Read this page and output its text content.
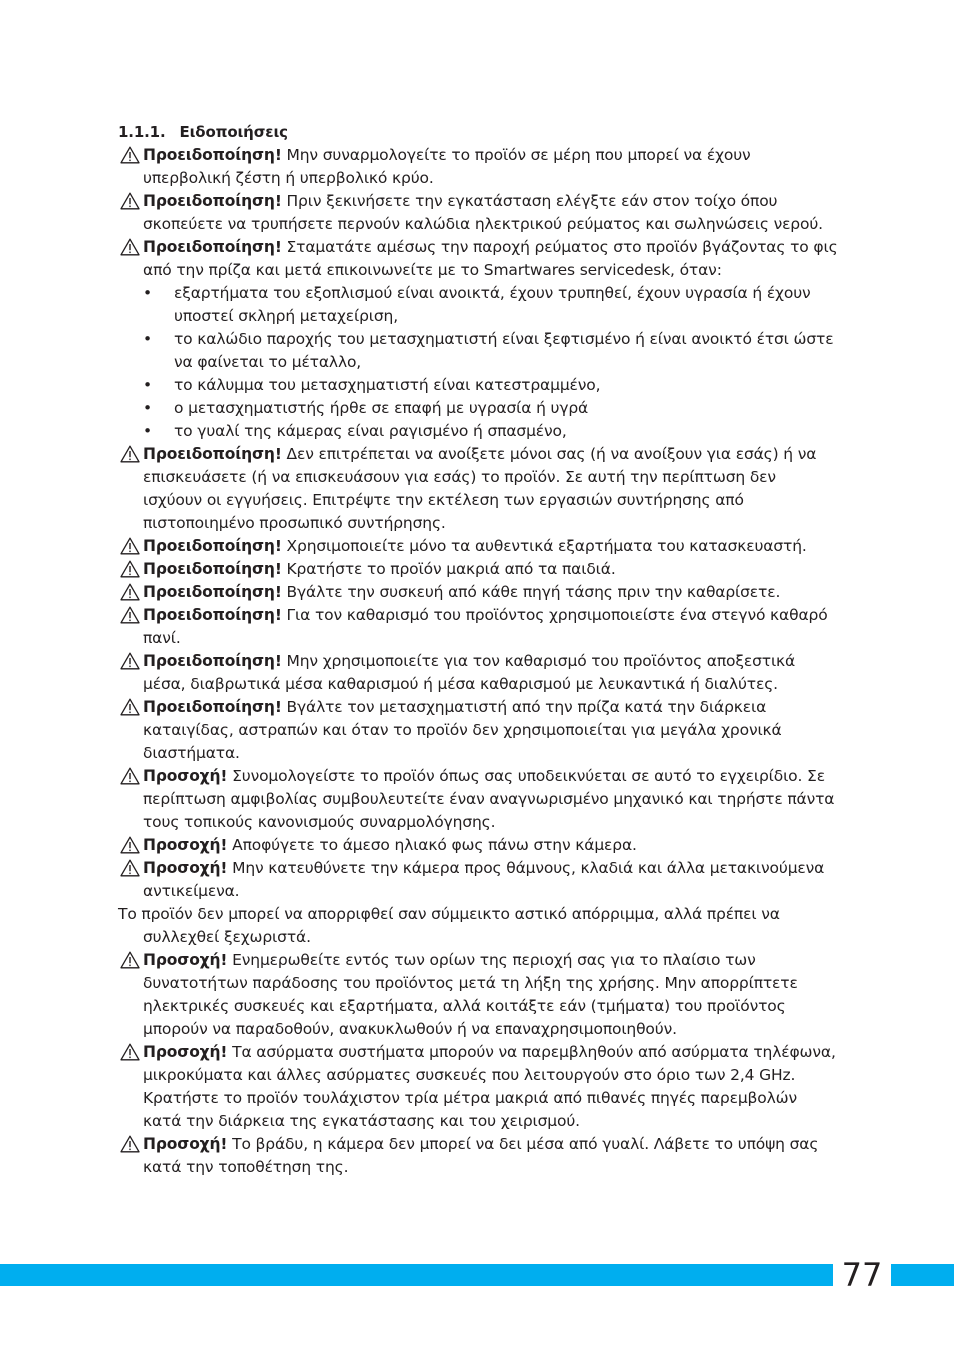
1.1.1. Ειδοποιήσεις
Προειδοποίηση! Μην συναρμολογείτε το προϊόν σε μέρη που μπορεί να έχουν υπερβολική ζέστη ή υπερβολικό κρύο.
Προειδοποίηση! Πριν ξεκινήσετε την εγκατάσταση ελέγξτε εάν στον τοίχο όπου σκοπεύετε να τρυπήσετε περνούν καλώδια ηλεκτρικού ρεύματος και σωληνώσεις νερού.
Προειδοποίηση! Σταματάτε αμέσως την παροχή ρεύματος στο προϊόν βγάζοντας το φις από την πρίζα και μετά επικοινωνείτε με το Smartwares servicedesk, όταν:
• εξαρτήματα του εξοπλισμού είναι ανοικτά, έχουν τρυπηθεί, έχουν υγρασία ή έχουν υποστεί σκληρή μεταχείριση,
• το καλώδιο παροχής του μετασχηματιστή είναι ξεφτισμένο ή είναι ανοικτό έτσι ώστε να φαίνεται το μέταλλο,
• το κάλυμμα του μετασχηματιστή είναι κατεστραμμένο,
• ο μετασχηματιστής ήρθε σε επαφή με υγρασία ή υγρά
• το γυαλί της κάμερας είναι ραγισμένο ή σπασμένο,
Προειδοποίηση! Δεν επιτρέπεται να ανοίξετε μόνοι σας (ή να ανοίξουν για εσάς) ή να επισκευάσετε (ή να επισκευάσουν για εσάς) το προϊόν. Σε αυτή την περίπτωση δεν ισχύουν οι εγγυήσεις. Επιτρέψτε την εκτέλεση των εργασιών συντήρησης από πιστοποιημένο προσωπικό συντήρησης.
Προειδοποίηση! Χρησιμοποιείτε μόνο τα αυθεντικά εξαρτήματα του κατασκευαστή.
Προειδοποίηση! Κρατήστε το προϊόν μακριά από τα παιδιά.
Προειδοποίηση! Βγάλτε την συσκευή από κάθε πηγή τάσης πριν την καθαρίσετε.
Προειδοποίηση! Για τον καθαρισμό του προϊόντος χρησιμοποιείστε ένα στεγνό καθαρό πανί.
Προειδοποίηση! Μην χρησιμοποιείτε για τον καθαρισμό του προϊόντος αποξεστικά μέσα, διαβρωτικά μέσα καθαρισμού ή μέσα καθαρισμού με λευκαντικά ή διαλύτες.
Προειδοποίηση! Βγάλτε τον μετασχηματιστή από την πρίζα κατά την διάρκεια καταιγίδας, αστραπών και όταν το προϊόν δεν χρησιμοποιείται για μεγάλα χρονικά διαστήματα.
Προσοχή! Συνομολογείστε το προϊόν όπως σας υποδεικνύεται σε αυτό το εγχειρίδιο. Σε περίπτωση αμφιβολίας συμβουλευτείτε έναν αναγνωρισμένο μηχανικό και τηρήστε πάντα τους τοπικούς κανονισμούς συναρμολόγησης.
Προσοχή! Αποφύγετε το άμεσο ηλιακό φως πάνω στην κάμερα.
Προσοχή! Μην κατευθύνετε την κάμερα προς θάμνους, κλαδιά και άλλα μετακινούμενα αντικείμενα.
Το προϊόν δεν μπορεί να απορριφθεί σαν σύμμεικτο αστικό απόρριμμα, αλλά πρέπει να συλλεχθεί ξεχωριστά.
Προσοχή! Ενημερωθείτε εντός των ορίων της περιοχή σας για το πλαίσιο των δυνατοτήτων παράδοσης του προϊόντος μετά τη λήξη της χρήσης. Μην απορρίπτετε ηλεκτρικές συσκευές και εξαρτήματα, αλλά κοιτάξτε εάν (τμήματα) του προϊόντος μπορούν να παραδοθούν, ανακυκλωθούν ή να επαναχρησιμοποιηθούν.
Προσοχή! Τα ασύρματα συστήματα μπορούν να παρεμβληθούν από ασύρματα τηλέφωνα, μικροκύματα και άλλες ασύρματες συσκευές που λειτουργούν στο όριο των 2,4 GHz. Κρατήστε το προϊόν τουλάχιστον τρία μέτρα μακριά από πιθανές πηγές παρεμβολών κατά την διάρκεια της εγκατάστασης και του χειρισμού.
Προσοχή! Το βράδυ, η κάμερα δεν μπορεί να δει μέσα από γυαλί. Λάβετε το υπόψη σας κατά την τοποθέτηση της.
77
